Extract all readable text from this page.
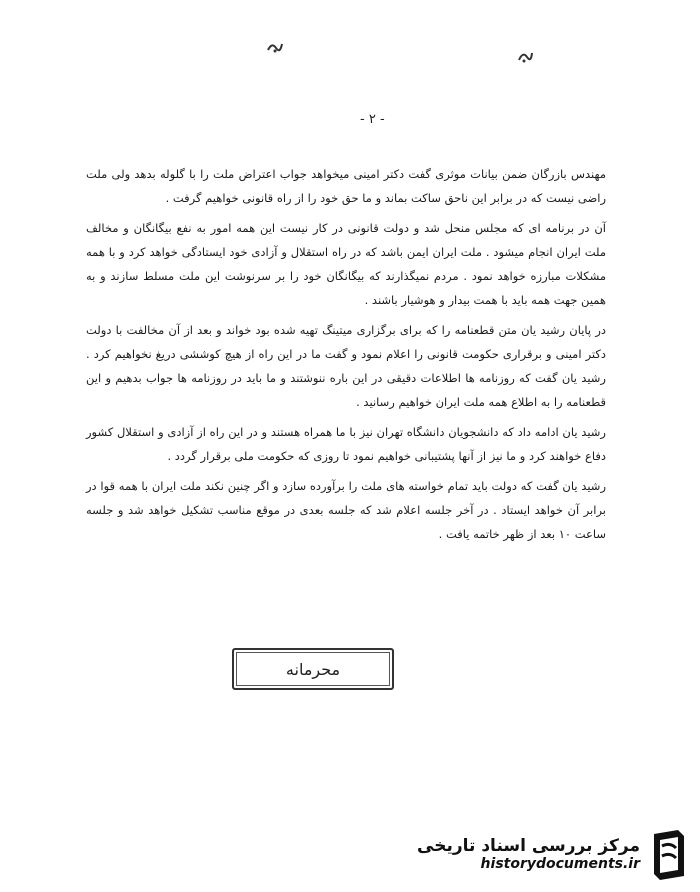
- ۲ -

مهندس بازرگان ضمن بیانات موثری گفت دکتر امینی میخواهد جواب اعتراض ملت را با گلوله بدهد ولی ملت راضی نیست که در برابر این ناحق ساکت بماند و ما حق خود را از راه قانونی خواهیم گرفت .

آن در برنامه ای که مجلس منحل شد و دولت قانونی در کار نیست این همه امور به نفع بیگانگان و مخالف ملت ایران انجام میشود . ملت ایران ایمن باشد که در راه استقلال و آزادی خود ایستادگی خواهد کرد و با همه مشکلات مبارزه خواهد نمود . مردم نمیگذارند که بیگانگان خود را بر سرنوشت این ملت مسلط سازند و به همین جهت همه باید با همت بیدار و هوشیار باشند .

در پایان رشید یان متن قطعنامه را که برای برگزاری میتینگ تهیه شده بود خواند و بعد از آن مخالفت با دولت دکتر امینی و برقراری حکومت قانونی را اعلام نمود و گفت ما در این راه از هیچ کوششی دریغ نخواهیم کرد . رشید یان گفت که روزنامه ها اطلاعات دقیقی در این باره ننوشتند و ما باید در روزنامه ها جواب بدهیم و این قطعنامه را به اطلاع همه ملت ایران خواهیم رسانید .

رشید یان ادامه داد که دانشجویان دانشگاه تهران نیز با ما همراه هستند و در این راه از آزادی و استقلال کشور دفاع خواهند کرد و ما نیز از آنها پشتیبانی خواهیم نمود تا روزی که حکومت ملی برقرار گردد .

رشید یان گفت که دولت باید تمام خواسته های ملت را برآورده سازد و اگر چنین نکند ملت ایران با همه قوا در برابر آن خواهد ایستاد . در آخر جلسه اعلام شد که جلسه بعدی در موقع مناسب تشکیل خواهد شد و جلسه ساعت ۱۰ بعد از ظهر خاتمه یافت .

محرمانه
مرکز بررسی اسناد تاریخی
historydocuments.ir
